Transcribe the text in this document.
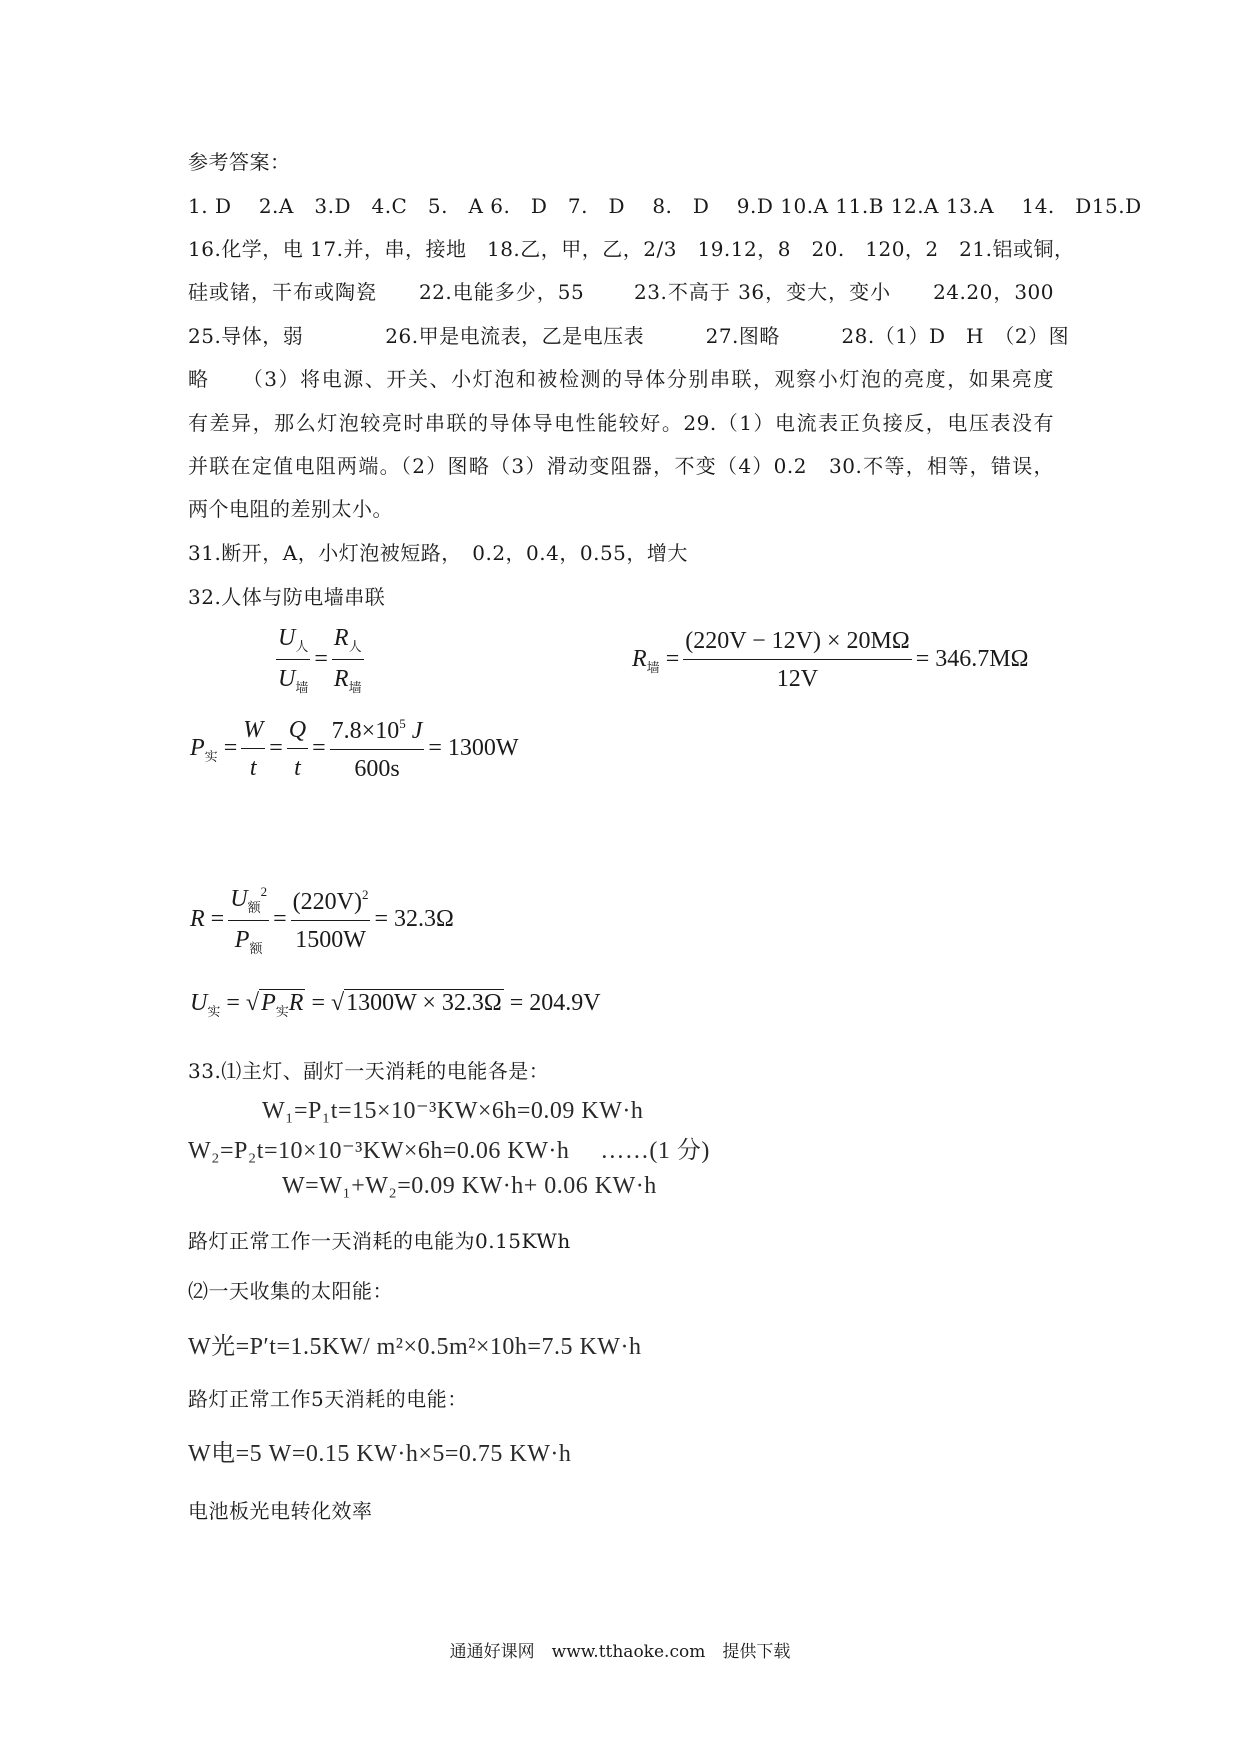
参考答案：
1. D　 2.A　3.D　4.C　5.　A 6.　D　7.　D　 8.　D　 9.D 10.A 11.B 12.A 13.A　 14.　D15.D
16.化学，电 17.并，串，接地　18.乙，甲，乙，2/3　19.12，8　20.　120，2　21.铝或铜，
硅或锗，干布或陶瓷　　22.电能多少，55　　 23.不高于 36，变大，变小　　24.20，300
25.导体，弱　　　　26.甲是电流表，乙是电压表　　　27.图略　　　28.（1）D　H　（2）图
略　　（3）将电源、开关、小灯泡和被检测的导体分别串联，观察小灯泡的亮度，如果亮度
有差异，那么灯泡较亮时串联的导体导电性能较好。29.（1）电流表正负接反，电压表没有
并联在定值电阻两端。（2）图略（3）滑动变阻器，不变（4）0.2　30.不等，相等，错误，
两个电阻的差别太小。
31.断开，A，小灯泡被短路，　0.2，0.4，0.55，增大
32.人体与防电墙串联
$\frac{U_人}{U_墙} = \frac{R_人}{R_墙}$	$R_墙 = \frac{(220V - 12V) \times 20M\Omega}{12V} = 346.7M\Omega$
$P_实 = \frac{W}{t} = \frac{Q}{t} = \frac{7.8\times 10^5 J}{600s} = 1300W$
$R = \frac{U_额^2}{P_额} = \frac{(220V)^2}{1500W} = 32.3\Omega$
$U_实 = √P_实R = √1300W \times 32.3\Omega = 204.9V$
33.⑴主灯、副灯一天消耗的电能各是：
W₁=P₁t=15×10⁻³KW×6h=0.09 KW·h
W₂=P₂t=10×10⁻³KW×6h=0.06 KW·h　 ……(1 分)
W=W₁+W₂=0.09 KW·h+ 0.06 KW·h
路灯正常工作一天消耗的电能为0.15KWh
⑵一天收集的太阳能：
W光=P′t=1.5KW/ m²×0.5m²×10h=7.5 KW·h
路灯正常工作5天消耗的电能：
W电=5 W=0.15 KW·h×5=0.75 KW·h
电池板光电转化效率
通通好课网　www.tthaoke.com　提供下载
